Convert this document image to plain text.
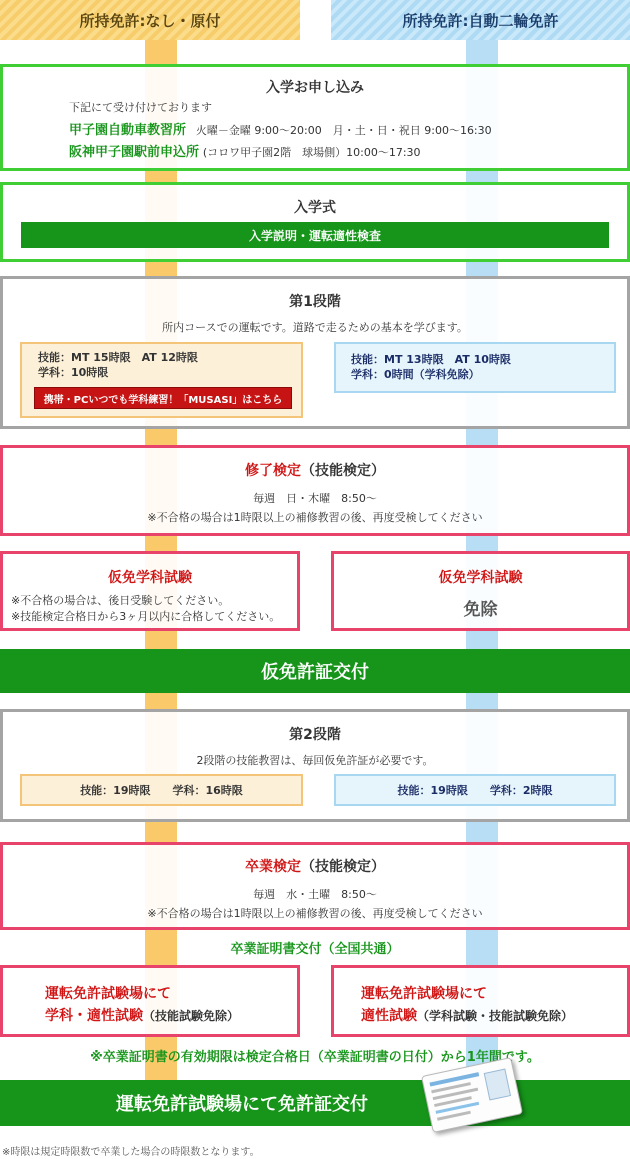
所持免許:なし・原付	所持免許:自動二輪免許
入学お申し込み
下記にて受け付けております
甲子園自動車教習所 火曜－金曜 9:00～20:00　月・土・日・祝日 9:00～16:30
阪神甲子園駅前申込所 (コロワ甲子園2階　球場側）10:00～17:30
入学式
入学説明・運転適性検査
第1段階
所内コースでの運転です。道路で走るための基本を学びます。
技能：MT 15時限　AT 12時限
学科：10時限
携帯・PCいつでも学科練習！「MUSASI」はこちら
技能：MT 13時限　AT 10時限
学科：0時間（学科免除）
修了検定（技能検定）
毎週　日・木曜　8:50～
※不合格の場合は1時限以上の補修教習の後、再度受検してください
仮免学科試験
※不合格の場合は、後日受験してください。
※技能検定合格日から3ヶ月以内に合格してください。
仮免学科試験
免除
仮免許証交付
第2段階
2段階の技能教習は、毎回仮免許証が必要です。
技能：19時限　　学科：16時限	技能：19時限　　学科：2時限
卒業検定（技能検定）
毎週　水・土曜　8:50～
※不合格の場合は1時限以上の補修教習の後、再度受検してください
卒業証明書交付（全国共通）
運転免許試験場にて
学科・適性試験（技能試験免除）
運転免許試験場にて
適性試験（学科試験・技能試験免除）
※卒業証明書の有効期限は検定合格日（卒業証明書の日付）から1年間です。
運転免許試験場にて免許証交付
※時限は規定時限数で卒業した場合の時限数となります。
